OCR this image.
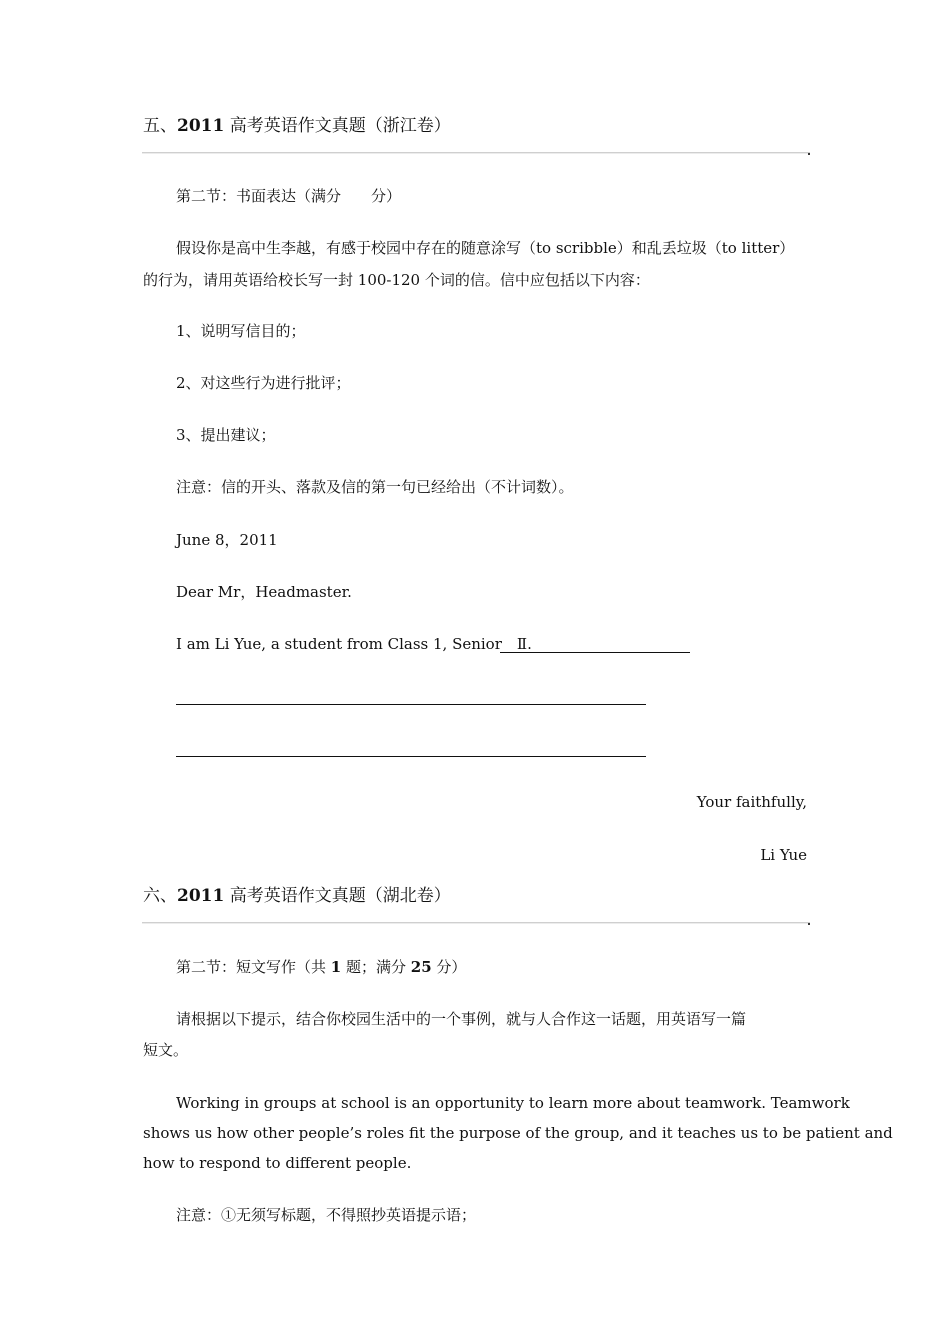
五、2011 高考英语作文真题（浙江卷）
第二节：书面表达（满分　　分）
假设你是高中生李越，有感于校园中存在的随意涂写（to scribble）和乱丢垃圾（to litter）
的行为，请用英语给校长写一封 100-120 个词的信。信中应包括以下内容：
1、说明写信目的；
2、对这些行为进行批评；
3、提出建议；
注意：信的开头、落款及信的第一句已经给出（不计词数）。
June 8，2011
Dear Mr，Headmaster.
I am Li Yue, a student from Class 1, Senior　Ⅱ.
Your faithfully,
Li Yue
六、2011 高考英语作文真题（湖北卷）
第二节：短文写作（共 1 题；满分 25 分）
请根据以下提示，结合你校园生活中的一个事例，就与人合作这一话题，用英语写一篇
短文。
Working in groups at school is an opportunity to learn more about teamwork. Teamwork
shows us how other people’s roles fit the purpose of the group, and it teaches us to be patient and
how to respond to different people.
注意：①无须写标题，不得照抄英语提示语；
